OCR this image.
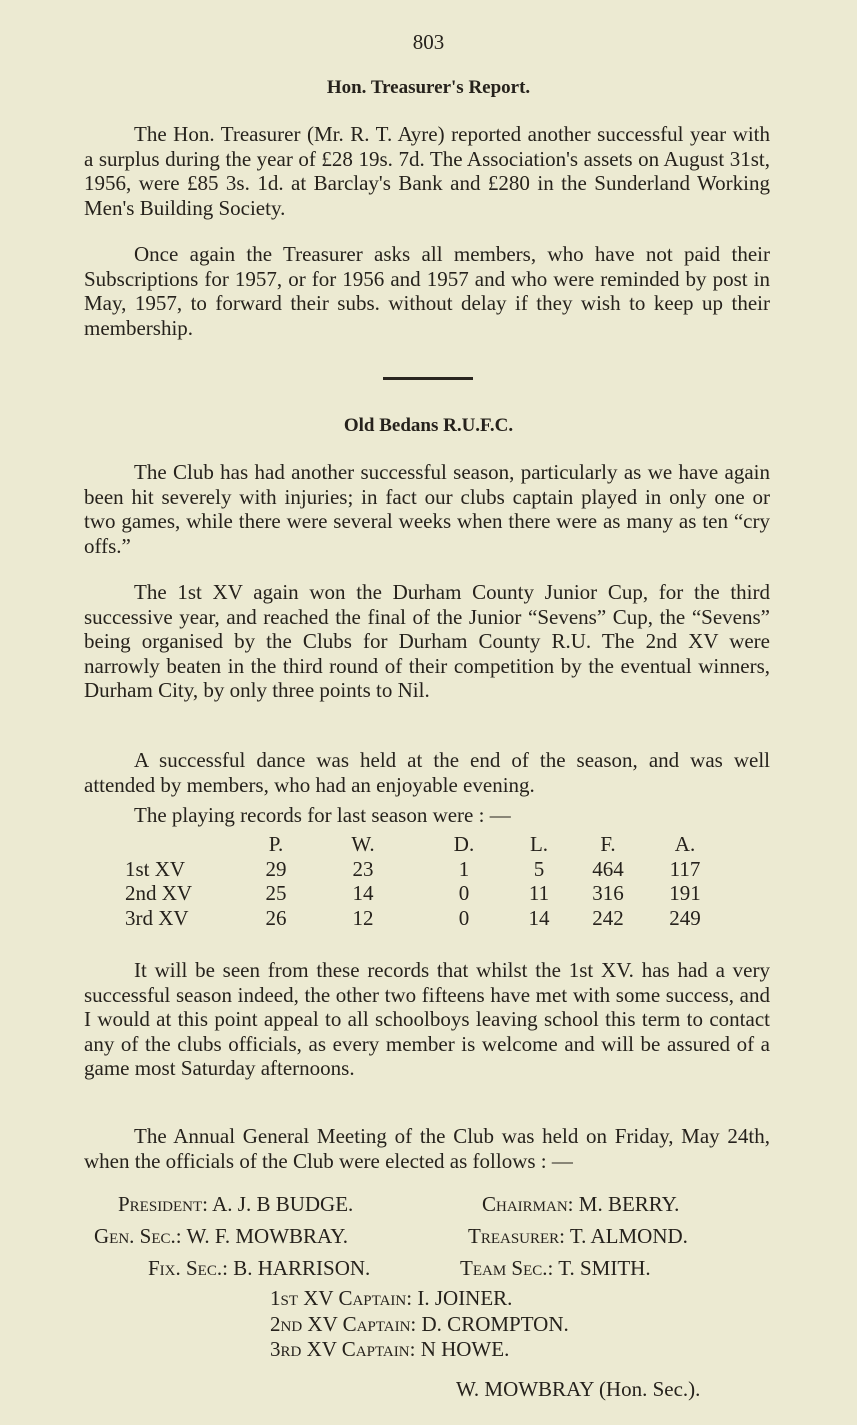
803
Hon. Treasurer's Report.

The Hon. Treasurer (Mr. R. T. Ayre) reported another successful year with a surplus during the year of £28 19s. 7d. The Association's assets on August 31st, 1956, were £85 3s. 1d. at Barclay's Bank and £280 in the Sunderland Working Men's Building Society.

Once again the Treasurer asks all members, who have not paid their Subscriptions for 1957, or for 1956 and 1957 and who were reminded by post in May, 1957, to forward their subs. without delay if they wish to keep up their membership.

Old Bedans R.U.F.C.

The Club has had another successful season, particularly as we have again been hit severely with injuries; in fact our clubs captain played in only one or two games, while there were several weeks when there were as many as ten “cry offs.”

The 1st XV again won the Durham County Junior Cup, for the third successive year, and reached the final of the Junior “Sevens” Cup, the “Sevens” being organised by the Clubs for Durham County R.U. The 2nd XV were narrowly beaten in the third round of their competition by the eventual winners, Durham City, by only three points to Nil.

A successful dance was held at the end of the season, and was well attended by members, who had an enjoyable evening.

The playing records for last season were : —

	P.	W.	D.	L.	F.	A.
1st XV	29	23	1	5	464	117
2nd XV	25	14	0	11	316	191
3rd XV	26	12	0	14	242	249

It will be seen from these records that whilst the 1st XV. has had a very successful season indeed, the other two fifteens have met with some success, and I would at this point appeal to all schoolboys leaving school this term to contact any of the clubs officials, as every member is welcome and will be assured of a game most Saturday afternoons.

The Annual General Meeting of the Club was held on Friday, May 24th, when the officials of the Club were elected as follows : —

President: A. J. B BUDGE.	Chairman: M. BERRY.
Gen. Sec.: W. F. MOWBRAY.	Treasurer: T. ALMOND.
Fix. Sec.: B. HARRISON.	Team Sec.: T. SMITH.
1st XV Captain: I. JOINER.
2nd XV Captain: D. CROMPTON.
3rd XV Captain: N HOWE.
W. MOWBRAY (Hon. Sec.).
